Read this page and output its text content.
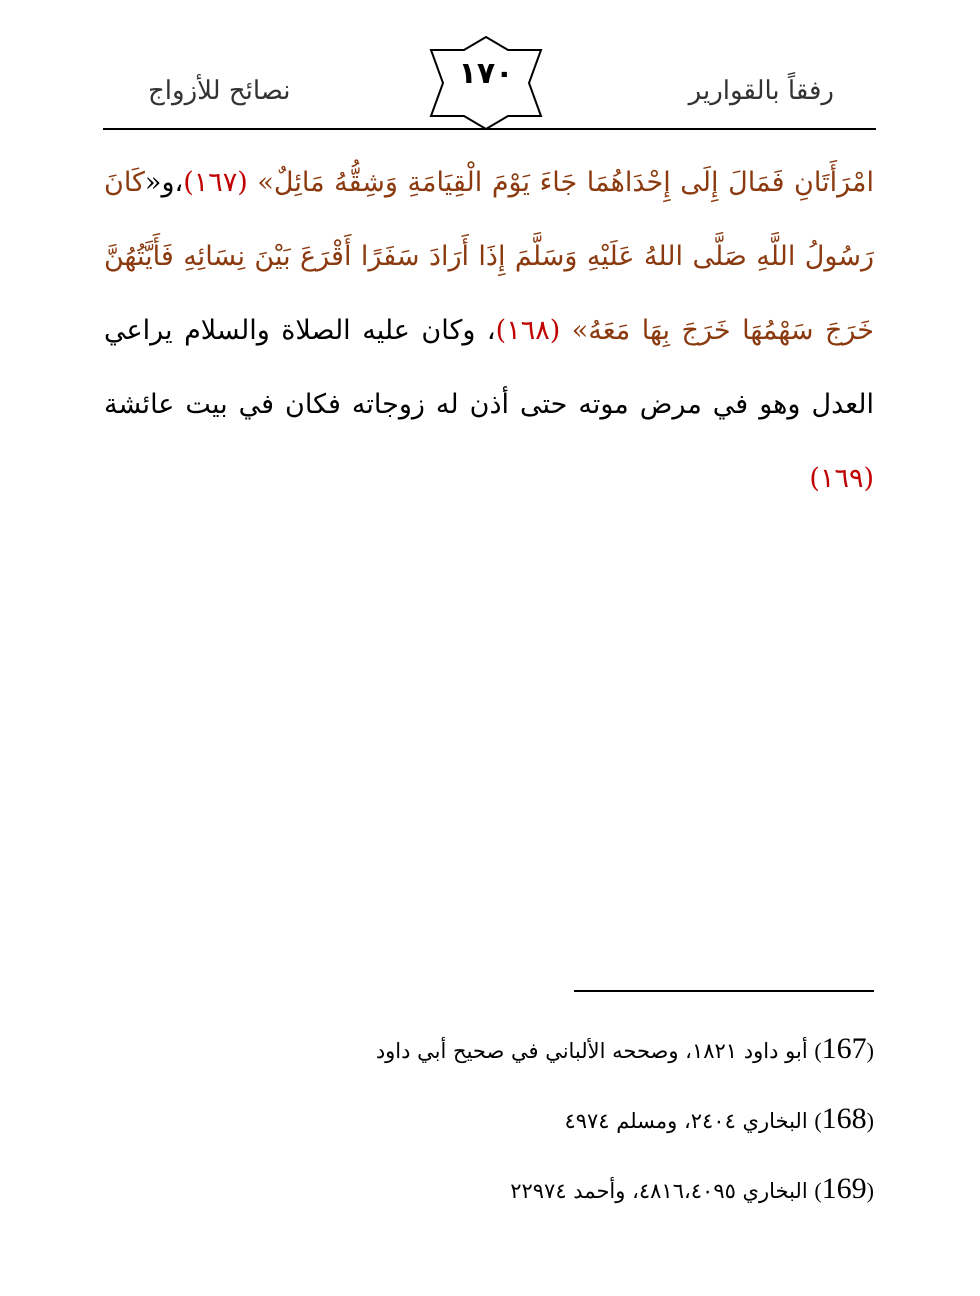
رفقاً بالقوارير
١٧٠
نصائح للأزواج
امْرَأَتَانِ فَمَالَ إِلَى إِحْدَاهُمَا جَاءَ يَوْمَ الْقِيَامَةِ وَشِقُّهُ مَائِلٌ» (١٦٧)،و«كَانَ رَسُولُ اللَّهِ صَلَّى اللهُ عَلَيْهِ وَسَلَّمَ إِذَا أَرَادَ سَفَرًا أَقْرَعَ بَيْنَ نِسَائِهِ فَأَيَّتُهُنَّ خَرَجَ سَهْمُهَا خَرَجَ بِهَا مَعَهُ» (١٦٨)، وكان عليه الصلاة والسلام يراعي العدل وهو في مرض موته حتى أذن له زوجاته فكان في بيت عائشة (١٦٩)
(167) أبو داود ١٨٢١، وصححه الألباني في صحيح أبي داود
(168) البخاري ٢٤٠٤، ومسلم ٤٩٧٤
(169) البخاري ٤٨١٦،٤٠٩٥، وأحمد ٢٢٩٧٤
